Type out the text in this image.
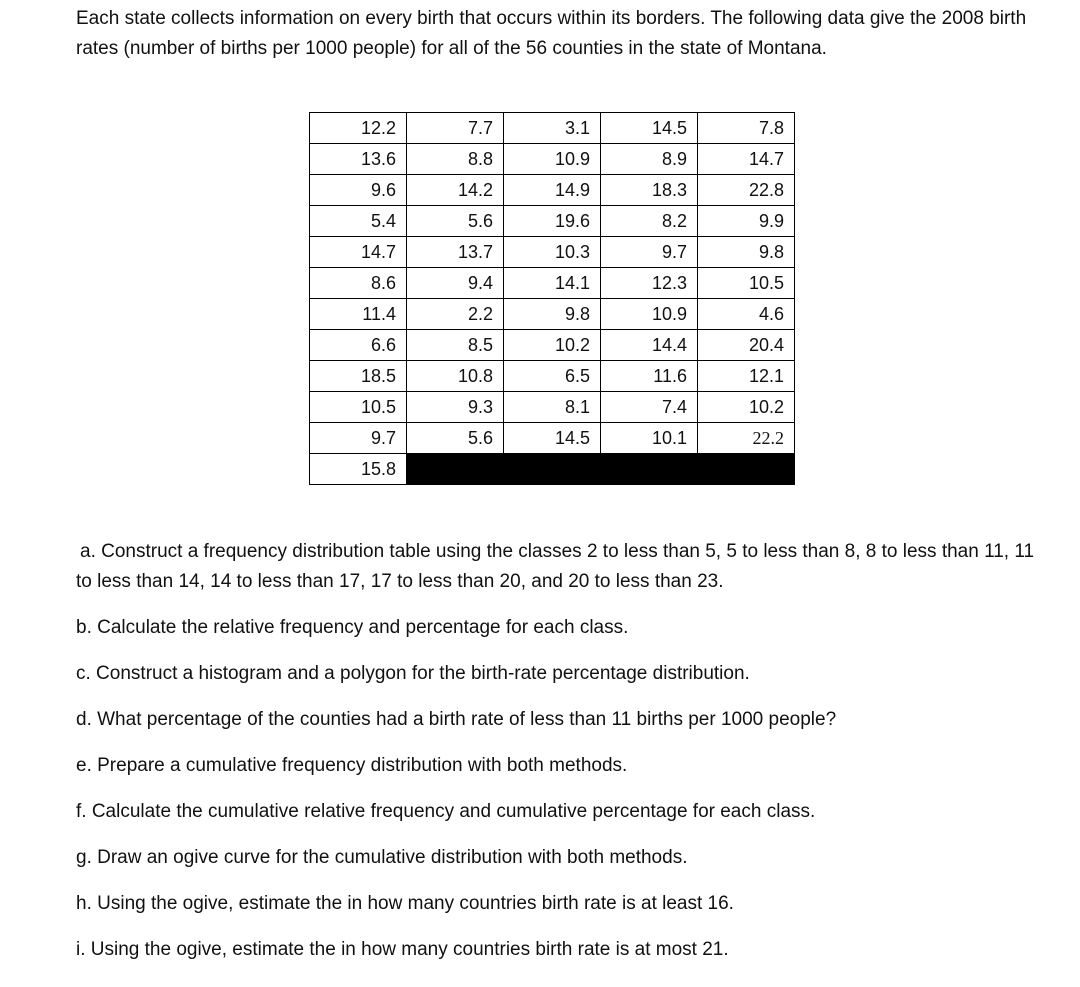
Each state collects information on every birth that occurs within its borders. The following data give the 2008 birth rates (number of births per 1000 people) for all of the 56 counties in the state of Montana.

12.2	7.7	3.1	14.5	7.8
13.6	8.8	10.9	8.9	14.7
9.6	14.2	14.9	18.3	22.8
5.4	5.6	19.6	8.2	9.9
14.7	13.7	10.3	9.7	9.8
8.6	9.4	14.1	12.3	10.5
11.4	2.2	9.8	10.9	4.6
6.6	8.5	10.2	14.4	20.4
18.5	10.8	6.5	11.6	12.1
10.5	9.3	8.1	7.4	10.2
9.7	5.6	14.5	10.1	22.2
15.8				
a. Construct a frequency distribution table using the classes 2 to less than 5, 5 to less than 8, 8 to less than 11, 11 to less than 14, 14 to less than 17, 17 to less than 20, and 20 to less than 23.
b. Calculate the relative frequency and percentage for each class.
c. Construct a histogram and a polygon for the birth-rate percentage distribution.
d. What percentage of the counties had a birth rate of less than 11 births per 1000 people?
e. Prepare a cumulative frequency distribution with both methods.
f. Calculate the cumulative relative frequency and cumulative percentage for each class.
g. Draw an ogive curve for the cumulative distribution with both methods.
h. Using the ogive, estimate the in how many countries birth rate is at least 16.
i. Using the ogive, estimate the in how many countries birth rate is at most 21.
